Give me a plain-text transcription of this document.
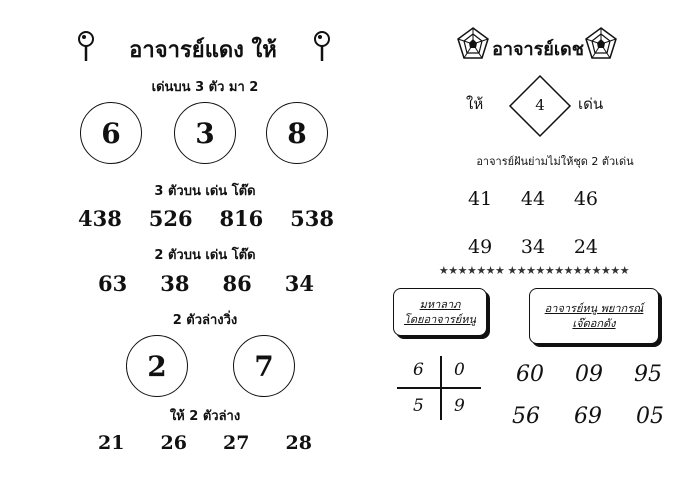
อาจารย์แดง ให้
เด่นบน 3 ตัว มา 2
6	3	8
3 ตัวบน เด่น โต๊ด
438 526 816 538
2 ตัวบน เด่น โต๊ด
63 38 86 34
2 ตัวล่างวิ่ง
2	7
ให้ 2 ตัวล่าง
21 26 27 28
อาจารย์เดช
ให้	4	เด่น
อาจารย์ฝันย่ามไม่ให้ชุด 2 ตัวเด่น
41 44 46
49 34 24
★★★★★★★ ★★★★★★★★★★★★★
มหาลาภ
โดยอาจารย์หนู
อาจารย์หนู พยากรณ์
เจ๊ดอกดัง
6 0
5 9
60 09 95
56 69 05
